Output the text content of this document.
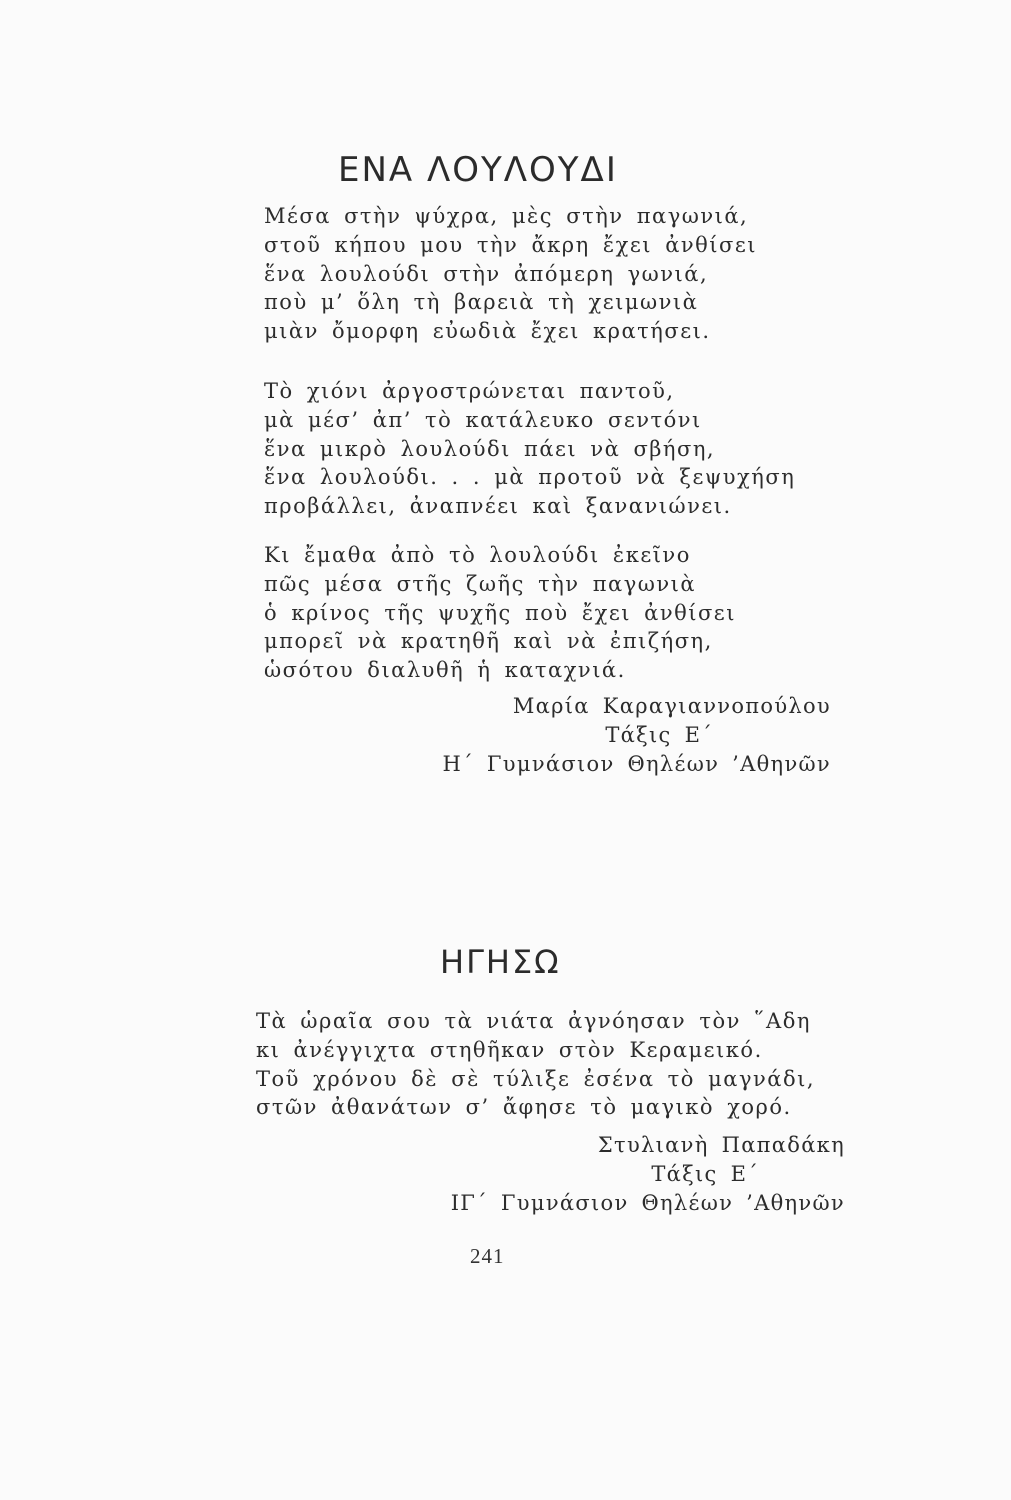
ΕΝΑ ΛΟΥΛΟΥΔΙ
Μέσα στὴν ψύχρα, μὲς στὴν παγωνιά,
στοῦ κήπου μου τὴν ἄκρη ἔχει ἀνθίσει
ἕνα λουλούδι στὴν ἀπόμερη γωνιά,
ποὺ μ’ ὅλη τὴ βαρειὰ τὴ χειμωνιὰ
μιὰν ὄμορφη εὐωδιὰ ἔχει κρατήσει.
Τὸ χιόνι ἀργοστρώνεται παντοῦ,
μὰ μέσ’ ἀπ’ τὸ κατάλευκο σεντόνι
ἕνα μικρὸ λουλούδι πάει νὰ σβήση,
ἕνα λουλούδι. . . μὰ προτοῦ νὰ ξεψυχήση
προβάλλει, ἀναπνέει καὶ ξανανιώνει.
Κι ἔμαθα ἀπὸ τὸ λουλούδι ἐκεῖνο
πῶς μέσα στῆς ζωῆς τὴν παγωνιὰ
ὁ κρίνος τῆς ψυχῆς ποὺ ἔχει ἀνθίσει
μπορεῖ νὰ κρατηθῆ καὶ νὰ ἐπιζήση,
ὡσότου διαλυθῆ ἡ καταχνιά.
Μαρία Καραγιαννοπούλου
Τάξις Ε΄
Η΄ Γυμνάσιον Θηλέων ’Αθηνῶν
ΗΓΗΣΩ
Τὰ ὡραῖα σου τὰ νιάτα ἀγνόησαν τὸν ῞Αδη
κι ἀνέγγιχτα στηθῆκαν στὸν Κεραμεικό.
Τοῦ χρόνου δὲ σὲ τύλιξε ἐσένα τὸ μαγνάδι,
στῶν ἀθανάτων σ’ ἄφησε τὸ μαγικὸ χορό.
Στυλιανὴ Παπαδάκη
Τάξις Ε΄
ΙΓ΄ Γυμνάσιον Θηλέων ’Αθηνῶν

241
